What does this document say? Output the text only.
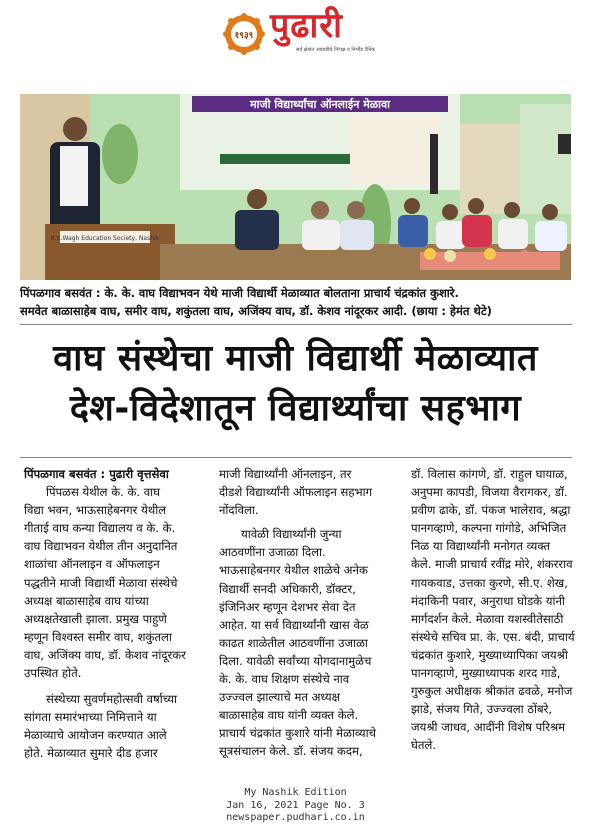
१९३९ पुढारी
सर्व क्षेत्रांत आघाडीचे निःपक्ष व निर्भीड दैनिक
माजी विद्यार्थ्यांचा ऑनलाईन मेळावा
K.K.Wagh Education Society, Nashik
पिंपळगाव बसवंत : के. के. वाघ विद्याभवन येथे माजी विद्यार्थी मेळाव्यात बोलताना प्राचार्य चंद्रकांत कुशारे.
समवेत बाळासाहेब वाघ, समीर वाघ, शकुंतला वाघ, अजिंक्य वाघ, डॉ. केशव नांदूरकर आदी. (छाया : हेमंत थेटे)
वाघ संस्थेचा माजी विद्यार्थी मेळाव्यात
देश-विदेशातून विद्यार्थ्यांचा सहभाग
पिंपळगाव बसवंत : पुढारी वृत्तसेवा
पिंपळस येथील के. के. वाघ
विद्या भवन, भाऊसाहेबनगर येथील
गीताई वाघ कन्या विद्यालय व के. के.
वाघ विद्याभवन येथील तीन अनुदानित
शाळांचा ऑनलाइन व ऑफलाइन
पद्धतीने माजी विद्यार्थी मेळावा संस्थेचे
अध्यक्ष बाळासाहेब वाघ यांच्या
अध्यक्षतेखाली झाला. प्रमुख पाहुणे
म्हणून विश्वस्त समीर वाघ, शकुंतला
वाघ, अजिंक्य वाघ, डॉ. केशव नांदूरकर
उपस्थित होते.
संस्थेच्या सुवर्णमहोत्सवी वर्षाच्या
सांगता समारंभाच्या निमित्ताने या
मेळाव्याचे आयोजन करण्यात आले
होते. मेळाव्यात सुमारे दीड हजार
माजी विद्यार्थ्यांनी ऑनलाइन, तर
दीडशे विद्यार्थ्यांनी ऑफलाइन सहभाग
नोंदविला.
यावेळी विद्यार्थ्यांनी जुन्या
आठवणींना उजाळा दिला.
भाऊसाहेबनगर येथील शाळेचे अनेक
विद्यार्थी सनदी अधिकारी, डॉक्टर,
इंजिनिअर म्हणून देशभर सेवा देत
आहेत. या सर्व विद्यार्थ्यांनी खास वेळ
काढत शाळेतील आठवणींना उजाळा
दिला. यावेळी सर्वांच्या योगदानामुळेच
के. के. वाघ शिक्षण संस्थेचे नाव
उज्ज्वल झाल्याचे मत अध्यक्ष
बाळासाहेब वाघ यांनी व्यक्त केले.
प्राचार्य चंद्रकांत कुशारे यांनी मेळाव्याचे
सूत्रसंचालन केले. डॉ. संजय कदम,
डॉ. विलास कांगणे, डॉ. राहुल घायाळ,
अनुपमा कापडी, विजया वैरागकर, डॉ.
प्रवीण ढाके, डॉ. पंकज भालेराव, श्रद्धा
पानगव्हाणे, कल्पना गांगोडे, अभिजित
निळ या विद्यार्थ्यांनी मनोगत व्यक्त
केले. माजी प्राचार्य रवींद्र मोरे, शंकरराव
गायकवाड, उत्तका कुरणे, सी.ए. शेख,
मंदाकिनी पवार, अनुराधा घोडके यांनी
मार्गदर्शन केले. मेळावा यशस्वीतेसाठी
संस्थेचे सचिव प्रा. के. एस. बंदी, प्राचार्य
चंद्रकांत कुशारे, मुख्याध्यापिका जयश्री
पानगव्हाणे, मुख्याध्यापक शरद गाडे,
गुरुकुल अधीक्षक श्रीकांत ढवळे, मनोज
झाडे, संजय गिते, उज्ज्वला ठोंबरे,
जयश्री जाधव, आदींनी विशेष परिश्रम
घेतले.
My Nashik Edition
Jan 16, 2021 Page No. 3
newspaper.pudhari.co.in
